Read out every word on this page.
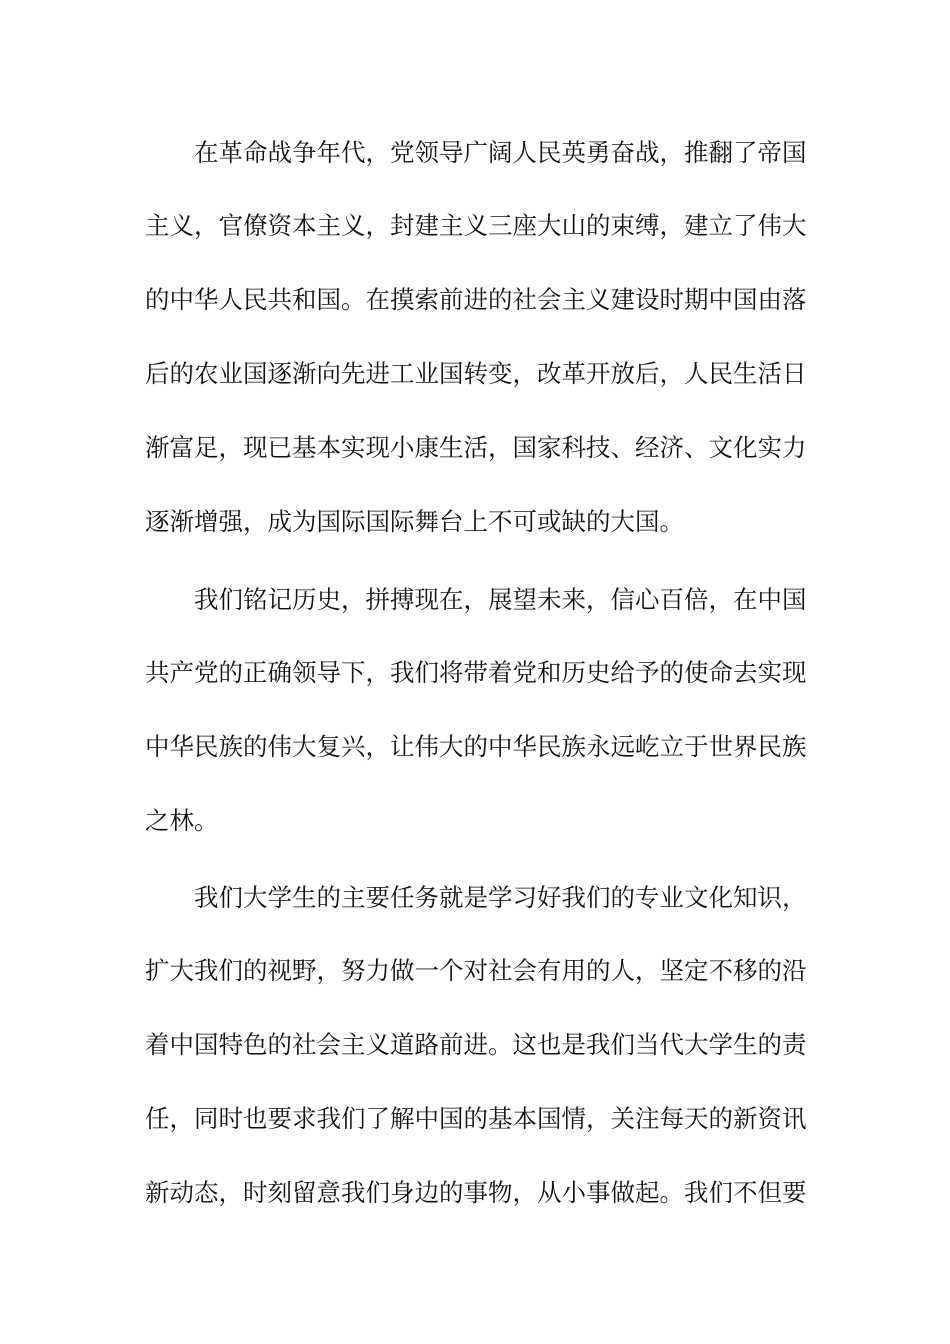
在革命战争年代，党领导广阔人民英勇奋战，推翻了帝国
主义，官僚资本主义，封建主义三座大山的束缚，建立了伟大
的中华人民共和国。在摸索前进的社会主义建设时期中国由落
后的农业国逐渐向先进工业国转变，改革开放后，人民生活日
渐富足，现已基本实现小康生活，国家科技、经济、文化实力
逐渐增强，成为国际国际舞台上不可或缺的大国。
我们铭记历史，拼搏现在，展望未来，信心百倍，在中国
共产党的正确领导下，我们将带着党和历史给予的使命去实现
中华民族的伟大复兴，让伟大的中华民族永远屹立于世界民族
之林。
我们大学生的主要任务就是学习好我们的专业文化知识，
扩大我们的视野，努力做一个对社会有用的人，坚定不移的沿
着中国特色的社会主义道路前进。这也是我们当代大学生的责
任，同时也要求我们了解中国的基本国情，关注每天的新资讯
新动态，时刻留意我们身边的事物，从小事做起。我们不但要
